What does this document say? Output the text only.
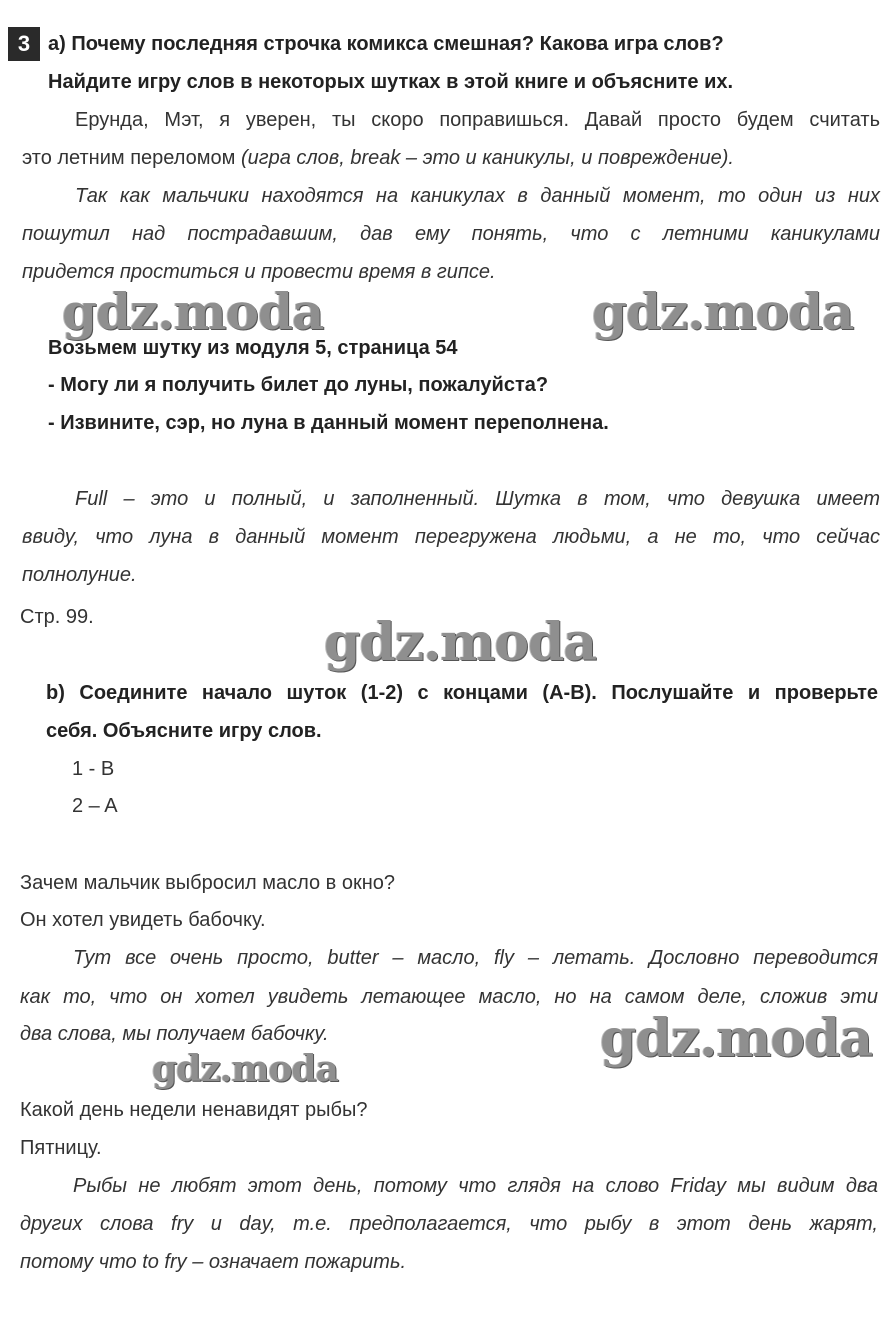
3 а) Почему последняя строчка комикса смешная? Какова игра слов?
Найдите игру слов в некоторых шутках в этой книге и объясните их.
Ерунда, Мэт, я уверен, ты скоро поправишься. Давай просто будем считать
это летним переломом (игра слов, break – это и каникулы, и повреждение).
Так как мальчики находятся на каникулах в данный момент, то один из них
пошутил над пострадавшим, дав ему понять, что с летними каникулами
придется проститься и провести время в гипсе.
gdz.moda	gdz.moda
Возьмем шутку из модуля 5, страница 54
- Могу ли я получить билет до луны, пожалуйста?
- Извините, сэр, но луна в данный момент переполнена.
Full – это и полный, и заполненный. Шутка в том, что девушка имеет
ввиду, что луна в данный момент перегружена людьми, а не то, что сейчас
полнолуние.
Стр. 99.	gdz.moda
b) Соедините начало шуток (1-2) с концами (A-B). Послушайте и проверьте
себя. Объясните игру слов.
1 - B
2 – A
Зачем мальчик выбросил масло в окно?
Он хотел увидеть бабочку.
Тут все очень просто, butter – масло, fly – летать. Дословно переводится
как то, что он хотел увидеть летающее масло, но на самом деле, сложив эти
два слова, мы получаем бабочку.	gdz.moda
gdz.moda
Какой день недели ненавидят рыбы?
Пятницу.
Рыбы не любят этот день, потому что глядя на слово Friday мы видим два
других слова fry и day, т.е. предполагается, что рыбу в этот день жарят,
потому что to fry – означает пожарить.
